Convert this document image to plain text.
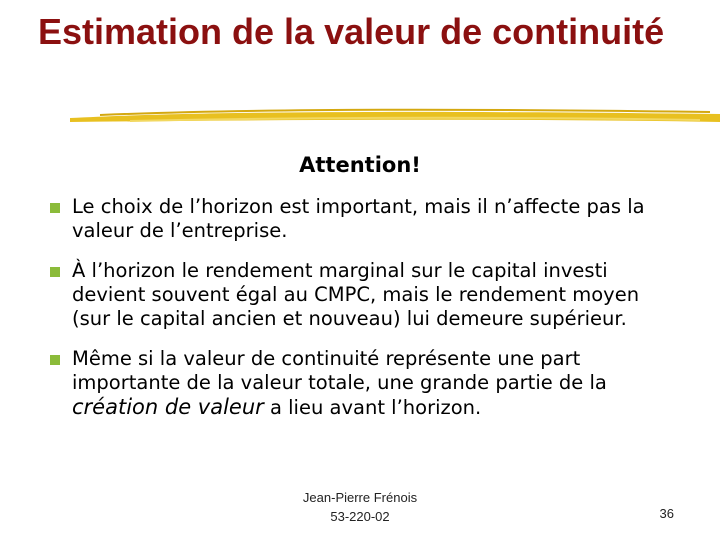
Estimation de la valeur de continuité
Attention!
Le choix de l’horizon est important, mais il n’affecte pas la valeur de l’entreprise.
À l’horizon le rendement marginal sur le capital investi devient souvent égal au CMPC, mais le rendement moyen (sur le capital ancien et nouveau) lui demeure supérieur.
Même si la valeur de continuité représente une part importante de la valeur totale, une grande partie de la création de valeur a lieu avant l’horizon.
Jean-Pierre Frénois
53-220-02	36
